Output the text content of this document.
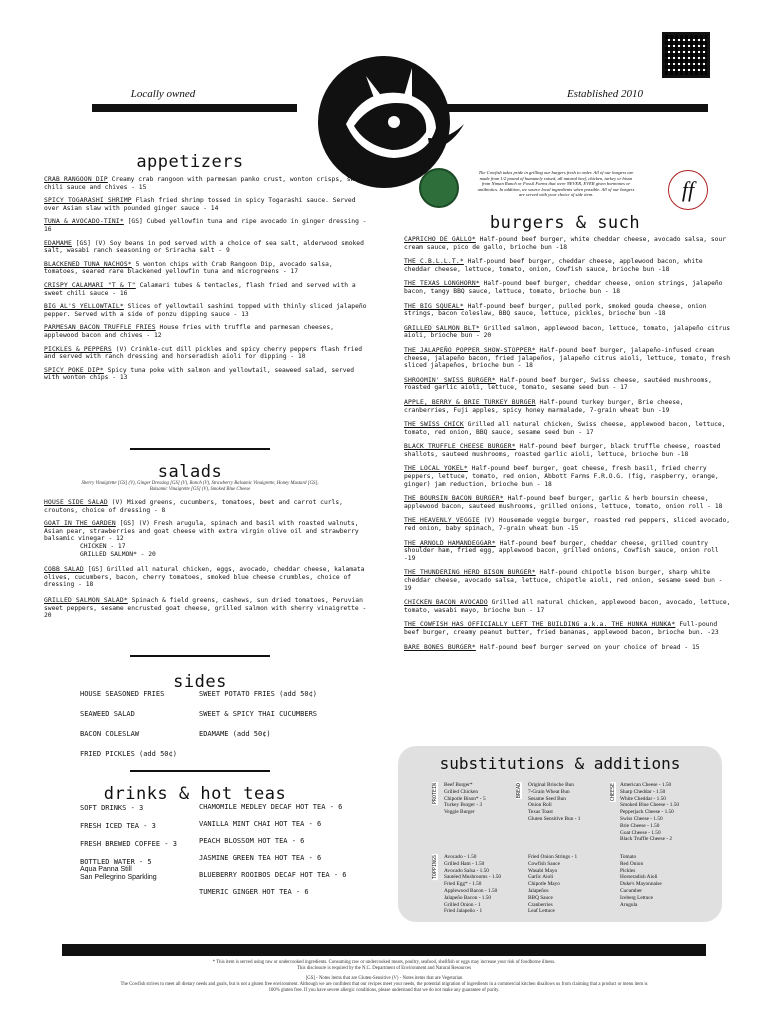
Locally owned	Established 2010
appetizers
CRAB RANGOON DIP Creamy crab rangoon with parmesan panko crust, wonton crisps, sweet chili sauce and chives - 15
SPICY TOGARASHI SHRIMP Flash fried shrimp tossed in spicy Togarashi sauce. Served over Asian slaw with pounded ginger sauce - 14
TUNA & AVOCADO-TINI* [GS] Cubed yellowfin tuna and ripe avocado in ginger dressing - 16
EDAMAME [GS] (V) Soy beans in pod served with a choice of sea salt, alderwood smoked salt, wasabi ranch seasoning or Sriracha salt - 9
BLACKENED TUNA NACHOS* 5 wonton chips with Crab Rangoon Dip, avocado salsa, tomatoes, seared rare blackened yellowfin tuna and microgreens - 17
CRISPY CALAMARI "T & T" Calamari tubes & tentacles, flash fried and served with a sweet chili sauce - 16
BIG AL'S YELLOWTAIL* Slices of yellowtail sashimi topped with thinly sliced jalapeño pepper. Served with a side of ponzu dipping sauce - 13
PARMESAN BACON TRUFFLE FRIES House fries with truffle and parmesan cheeses, applewood bacon and chives - 12
PICKLES & PEPPERS (V) Crinkle-cut dill pickles and spicy cherry peppers flash fried and served with ranch dressing and horseradish aioli for dipping - 10
SPICY POKE DIP* Spicy tuna poke with salmon and yellowtail, seaweed salad, served with wonton chips - 13
salads
Sherry Vinaigrette [GS] (V), Ginger Dressing [GS] (V), Ranch (V), Strawberry Balsamic Vinaigrette, Honey Mustard [GS], Balsamic Vinaigrette [GS] (V), Smoked Blue Cheese
HOUSE SIDE SALAD (V) Mixed greens, cucumbers, tomatoes, beet and carrot curls, croutons, choice of dressing - 8
GOAT IN THE GARDEN [GS] (V) Fresh arugula, spinach and basil with roasted walnuts, Asian pear, strawberries and goat cheese with extra virgin olive oil and strawberry balsamic vinegar - 12
CHICKEN - 17
GRILLED SALMON* - 20
COBB SALAD [GS] Grilled all natural chicken, eggs, avocado, cheddar cheese, kalamata olives, cucumbers, bacon, cherry tomatoes, smoked blue cheese crumbles, choice of dressing - 18
GRILLED SALMON SALAD* Spinach & field greens, cashews, sun dried tomatoes, Peruvian sweet peppers, sesame encrusted goat cheese, grilled salmon with sherry vinaigrette - 20
sides
HOUSE SEASONED FRIES
SEAWEED SALAD
BACON COLESLAW
FRIED PICKLES (add 50¢)
SWEET POTATO FRIES (add 50¢)
SWEET & SPICY THAI CUCUMBERS
EDAMAME (add 50¢)
drinks & hot teas
SOFT DRINKS - 3
FRESH ICED TEA - 3
FRESH BREWED COFFEE - 3
BOTTLED WATER - 5
Aqua Panna Still
San Pellegrino Sparkling
CHAMOMILE MEDLEY DECAF HOT TEA - 6
VANILLA MINT CHAI HOT TEA - 6
PEACH BLOSSOM HOT TEA - 6
JASMINE GREEN TEA HOT TEA - 6
BLUEBERRY ROOIBOS DECAF HOT TEA - 6
TUMERIC GINGER HOT TEA - 6
The Cowfish takes pride in grilling our burgers fresh to order. All of our burgers are made from 1/2 pound of humanely raised, all natural beef, chicken, turkey or bison from Niman Ranch or Fossil Farms that were NEVER, EVER given hormones or antibiotics. In addition, we source local ingredients when possible. All of our burgers are served with your choice of side item.	ff
burgers & such
CAPRICHO DE GALLO* Half-pound beef burger, white cheddar cheese, avocado salsa, sour cream sauce, pico de gallo, brioche bun -18
THE C.B.L.L.T.* Half-pound beef burger, cheddar cheese, applewood bacon, white cheddar cheese, lettuce, tomato, onion, Cowfish sauce, brioche bun -18
THE TEXAS LONGHORN* Half-pound beef burger, cheddar cheese, onion strings, jalapeño bacon, tangy BBQ sauce, lettuce, tomato, brioche bun - 18
THE BIG SQUEAL* Half-pound beef burger, pulled pork, smoked gouda cheese, onion strings, bacon coleslaw, BBQ sauce, lettuce, pickles, brioche bun -18
GRILLED SALMON BLT* Grilled salmon, applewood bacon, lettuce, tomato, jalapeño citrus aioli, brioche bun - 20
THE JALAPEÑO POPPER SHOW-STOPPER* Half-pound beef burger, jalapeño-infused cream cheese, jalapeño bacon, fried jalapeños, jalapeño citrus aioli, lettuce, tomato, fresh sliced jalapeños, brioche bun - 18
SHROOMIN' SWISS BURGER* Half-pound beef burger, Swiss cheese, sautéed mushrooms, roasted garlic aioli, lettuce, tomato, sesame seed bun - 17
APPLE, BERRY & BRIE TURKEY BURGER Half-pound turkey burger, Brie cheese, cranberries, Fuji apples, spicy honey marmalade, 7-grain wheat bun -19
THE SWISS CHICK Grilled all natural chicken, Swiss cheese, applewood bacon, lettuce, tomato, red onion, BBQ sauce, sesame seed bun - 17
BLACK TRUFFLE CHEESE BURGER* Half-pound beef burger, black truffle cheese, roasted shallots, sauteed mushrooms, roasted garlic aioli, lettuce, brioche bun -18
THE LOCAL YOKEL* Half-pound beef burger, goat cheese, fresh basil, fried cherry peppers, lettuce, tomato, red onion, Abbott Farms F.R.O.G. (fig, raspberry, orange, ginger) jam reduction, brioche bun - 18
THE BOURSIN BACON BURGER* Half-pound beef burger, garlic & herb boursin cheese, applewood bacon, sauteed mushrooms, grilled onions, lettuce, tomato, onion roll - 18
THE HEAVENLY VEGGIE (V) Housemade veggie burger, roasted red peppers, sliced avocado, red onion, baby spinach, 7-grain wheat bun -15
THE ARNOLD HAMANDEGGAR* Half-pound beef burger, cheddar cheese, grilled country shoulder ham, fried egg, applewood bacon, grilled onions, Cowfish sauce, onion roll -19
THE THUNDERING HERD BISON BURGER* Half-pound chipotle bison burger, sharp white cheddar cheese, avocado salsa, lettuce, chipotle aioli, red onion, sesame seed bun - 19
CHICKEN BACON AVOCADO Grilled all natural chicken, applewood bacon, avocado, lettuce, tomato, wasabi mayo, brioche bun - 17
THE COWFISH HAS OFFICIALLY LEFT THE BUILDING a.k.a. THE HUNKA HUNKA* Full-pound beef burger, creamy peanut butter, fried bananas, applewood bacon, brioche bun. -23
BARE BONES BURGER* Half-pound beef burger served on your choice of bread - 15
substitutions & additions
PROTEIN Beef Burger*
Grilled Chicken
Chipotle Bison* - 5
Turkey Burger - 3
Veggie Burger
BREAD Original Brioche Bun
7-Grain Wheat Bun
Sesame Seed Bun
Onion Roll
Texas Toast
Gluten Sensitive Bun - 1
CHEESE American Cheese - 1.50
Sharp Cheddar - 1.50
White Cheddar - 1.50
Smoked Blue Cheese - 1.50
Pepperjack Cheese - 1.50
Swiss Cheese - 1.50
Brie Cheese - 1.50
Goat Cheese - 1.50
Black Truffle Cheese - 2
TOPPINGS Avocado - 1.50
Grilled Ham - 1.50
Avocado Salsa - 1.50
Sautéed Mushrooms - 1.50
Fried Egg* - 1.50
Applewood Bacon - 1.50
Jalapeño Bacon - 1.50
Grilled Onion - 1
Fried Jalapeño - 1
Fried Onion Strings - 1
Cowfish Sauce
Wasabi Mayo
Garlic Aioli
Chipotle Mayo
Jalapeños
BBQ Sauce
Cranberries
Leaf Lettuce
Tomato
Red Onion
Pickles
Horseradish Aioli
Duke's Mayonnaise
Cucumber
Iceberg Lettuce
Arugula
* This item is served using raw or undercooked ingredients. Consuming raw or undercooked meats, poultry, seafood, shellfish or eggs may increase your risk of foodborne illness.
This disclosure is required by the N.C. Department of Environment and Natural Resources
[GS] - Notes items that are Gluten-Sensitive (V) - Notes items that are Vegetarian
The Cowfish strives to meet all dietary needs and goals, but is not a gluten free environment. Although we are confident that our recipes meet your needs, the potential migration of ingredients in a commercial kitchen disallows us from claiming that a product or menu item is 100% gluten free. If you have severe allergic conditions, please understand that we do not make any guarantee of purity.
